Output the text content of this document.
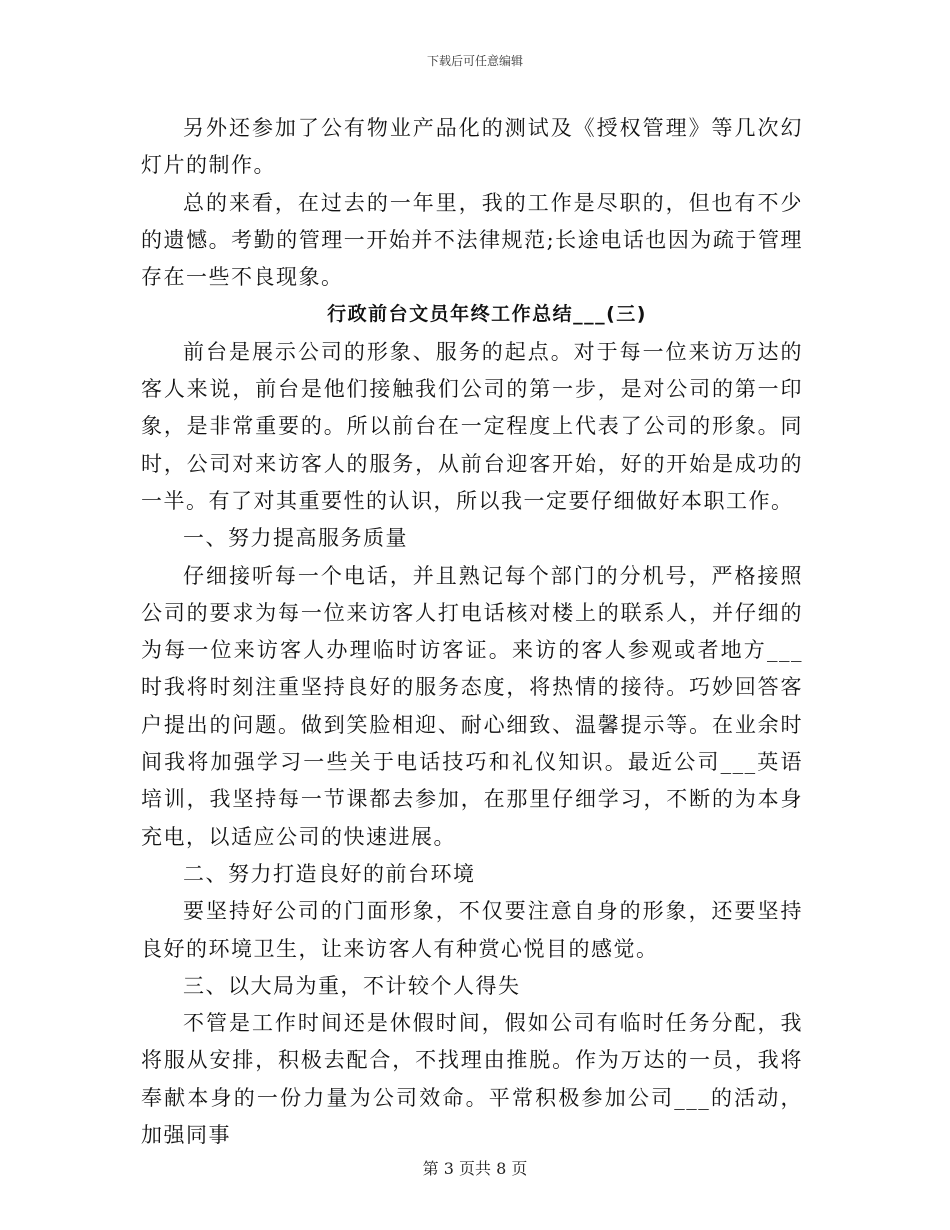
下载后可任意编辑

另外还参加了公有物业产品化的测试及《授权管理》等几次幻灯片的制作。

总的来看，在过去的一年里，我的工作是尽职的，但也有不少的遗憾。考勤的管理一开始并不法律规范;长途电话也因为疏于管理存在一些不良现象。

行政前台文员年终工作总结___(三)

前台是展示公司的形象、服务的起点。对于每一位来访万达的客人来说，前台是他们接触我们公司的第一步，是对公司的第一印象，是非常重要的。所以前台在一定程度上代表了公司的形象。同时，公司对来访客人的服务，从前台迎客开始，好的开始是成功的一半。有了对其重要性的认识，所以我一定要仔细做好本职工作。

一、努力提高服务质量

仔细接听每一个电话，并且熟记每个部门的分机号，严格接照公司的要求为每一位来访客人打电话核对楼上的联系人，并仔细的为每一位来访客人办理临时访客证。来访的客人参观或者地方___时我将时刻注重坚持良好的服务态度，将热情的接待。巧妙回答客户提出的问题。做到笑脸相迎、耐心细致、温馨提示等。在业余时间我将加强学习一些关于电话技巧和礼仪知识。最近公司___英语培训，我坚持每一节课都去参加，在那里仔细学习，不断的为本身充电，以适应公司的快速进展。

二、努力打造良好的前台环境

要坚持好公司的门面形象，不仅要注意自身的形象，还要坚持良好的环境卫生，让来访客人有种赏心悦目的感觉。

三、以大局为重，不计较个人得失

不管是工作时间还是休假时间，假如公司有临时任务分配，我将服从安排，积极去配合，不找理由推脱。作为万达的一员，我将奉献本身的一份力量为公司效命。平常积极参加公司___的活动，加强同事

第 3 页共 8 页
